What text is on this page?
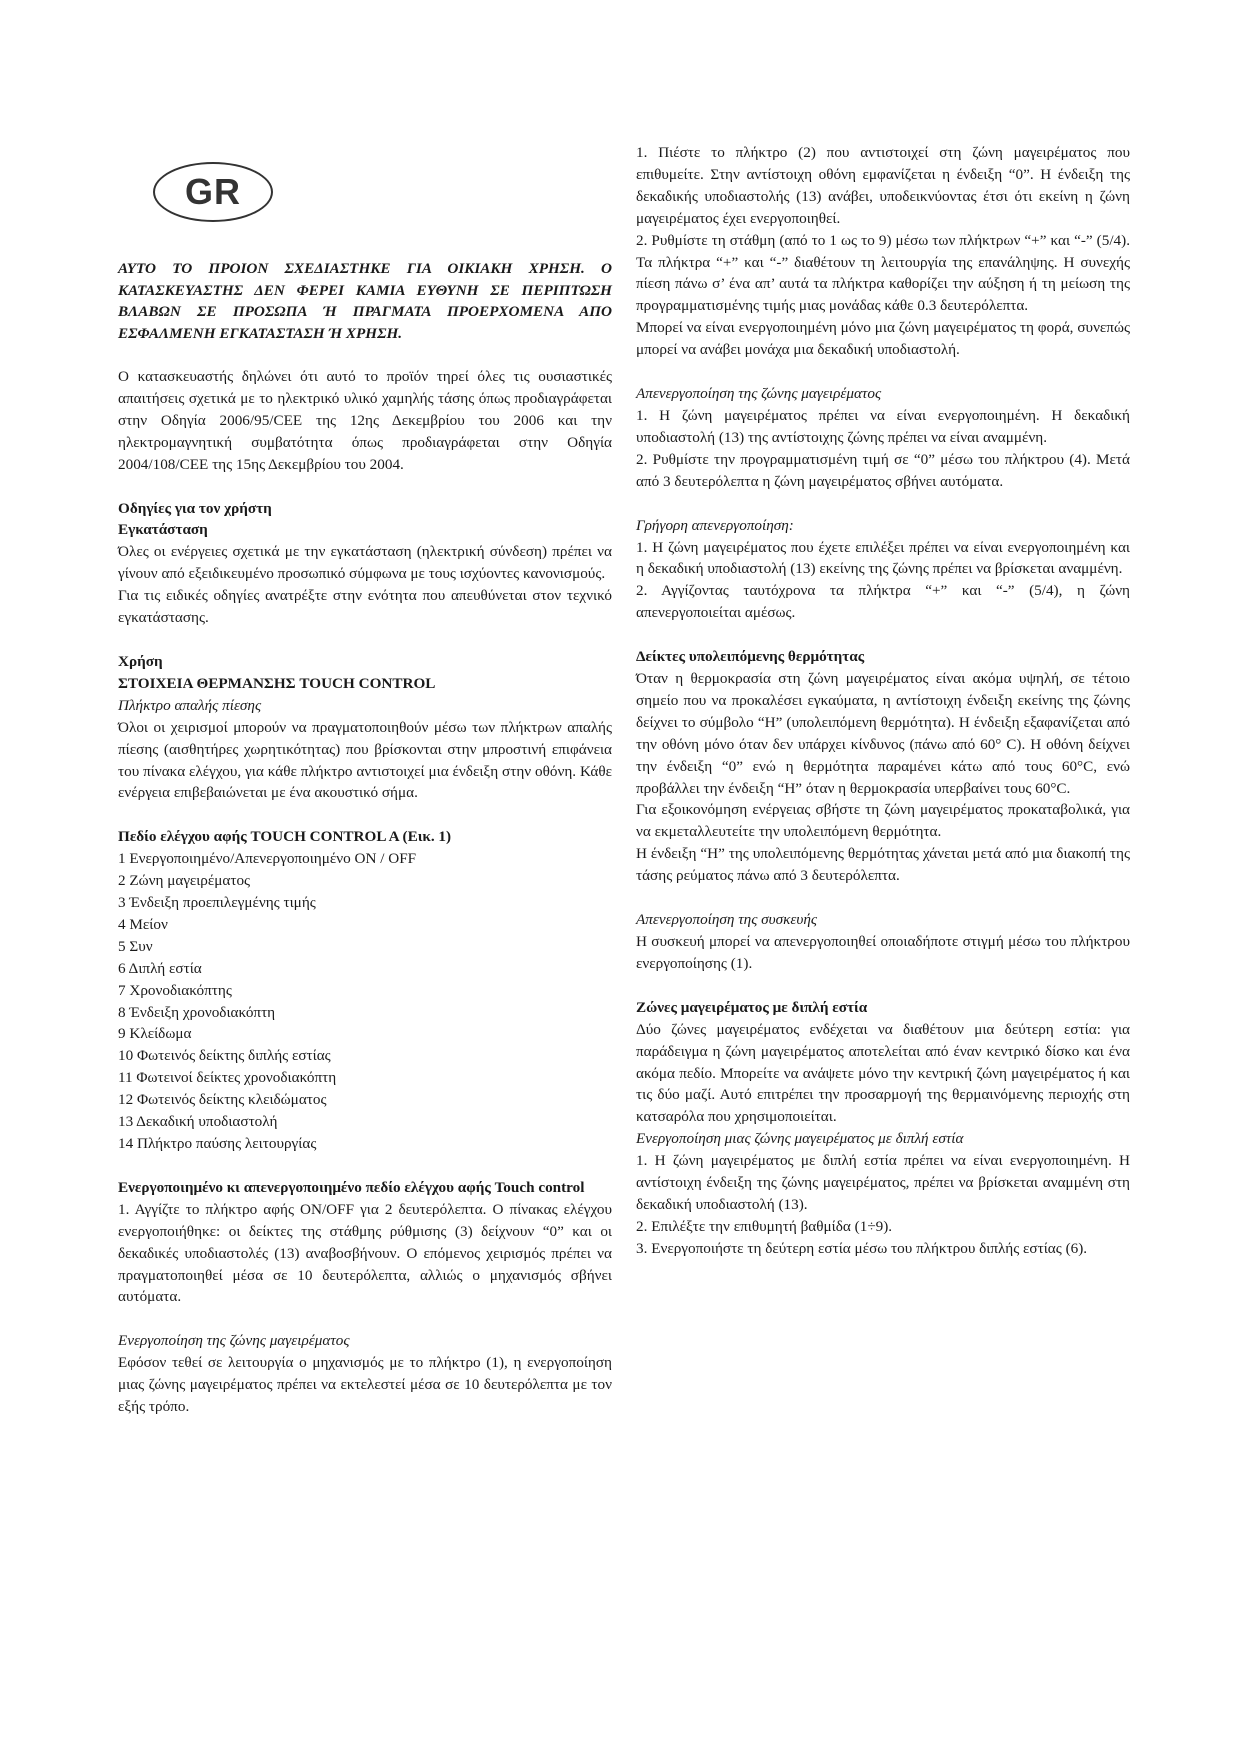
GR

ΑΥΤΟ ΤΟ ΠΡΟΙΟΝ ΣΧΕΔΙΑΣΤΗΚΕ ΓΙΑ ΟΙΚΙΑΚΗ ΧΡΗΣΗ. Ο ΚΑΤΑΣΚΕΥΑΣΤΗΣ ΔΕΝ ΦΕΡΕΙ ΚΑΜΙΑ ΕΥΘΥΝΗ ΣΕ ΠΕΡΙΠΤΩΣΗ ΒΛΑΒΩΝ ΣΕ ΠΡΟΣΩΠΑ Ή ΠΡΑΓΜΑΤΑ ΠΡΟΕΡΧΟΜΕΝΑ ΑΠΟ ΕΣΦΑΛΜΕΝΗ ΕΓΚΑΤΑΣΤΑΣΗ Ή ΧΡΗΣΗ.

Ο κατασκευαστής δηλώνει ότι αυτό το προϊόν τηρεί όλες τις ουσιαστικές απαιτήσεις σχετικά με το ηλεκτρικό υλικό χαμηλής τάσης όπως προδιαγράφεται στην Οδηγία 2006/95/CEE της 12ης Δεκεμβρίου του 2006 και την ηλεκτρομαγνητική συμβατότητα όπως προδιαγράφεται στην Οδηγία 2004/108/CEE της 15ης Δεκεμβρίου του 2004.

Οδηγίες για τον χρήστη

Εγκατάσταση

Όλες οι ενέργειες σχετικά με την εγκατάσταση (ηλεκτρική σύνδεση) πρέπει να γίνουν από εξειδικευμένο προσωπικό σύμφωνα με τους ισχύοντες κανονισμούς.

Για τις ειδικές οδηγίες ανατρέξτε στην ενότητα που απευθύνεται στον τεχνικό εγκατάστασης.

Χρήση

ΣΤΟΙΧΕΙΑ ΘΕΡΜΑΝΣΗΣ TOUCH CONTROL

Πλήκτρο απαλής πίεσης

Όλοι οι χειρισμοί μπορούν να πραγματοποιηθούν μέσω των πλήκτρων απαλής πίεσης (αισθητήρες χωρητικότητας) που βρίσκονται στην μπροστινή επιφάνεια του πίνακα ελέγχου, για κάθε πλήκτρο αντιστοιχεί μια ένδειξη στην οθόνη. Κάθε ενέργεια επιβεβαιώνεται με ένα ακουστικό σήμα.

Πεδίο ελέγχου αφής TOUCH CONTROL A (Εικ. 1)

1 Ενεργοποιημένο/Απενεργοποιημένο ON / OFF
2 Ζώνη μαγειρέματος
3 Ένδειξη προεπιλεγμένης τιμής
4 Μείον
5 Συν
6 Διπλή εστία
7 Χρονοδιακόπτης
8 Ένδειξη χρονοδιακόπτη
9 Κλείδωμα
10 Φωτεινός δείκτης διπλής εστίας
11 Φωτεινοί δείκτες χρονοδιακόπτη
12 Φωτεινός δείκτης κλειδώματος
13 Δεκαδική υποδιαστολή
14 Πλήκτρο παύσης λειτουργίας

Ενεργοποιημένο κι απενεργοποιημένο πεδίο ελέγχου αφής Touch control

1. Αγγίζτε το πλήκτρο αφής ON/OFF για 2 δευτερόλεπτα. Ο πίνακας ελέγχου ενεργοποιήθηκε: οι δείκτες της στάθμης ρύθμισης (3) δείχνουν “0” και οι δεκαδικές υποδιαστολές (13) αναβοσβήνουν. Ο επόμενος χειρισμός πρέπει να πραγματοποιηθεί μέσα σε 10 δευτερόλεπτα, αλλιώς ο μηχανισμός σβήνει αυτόματα.

Ενεργοποίηση της ζώνης μαγειρέματος

Εφόσον τεθεί σε λειτουργία ο μηχανισμός με το πλήκτρο (1), η ενεργοποίηση μιας ζώνης μαγειρέματος πρέπει να εκτελεστεί μέσα σε 10 δευτερόλεπτα με τον εξής τρόπο.

1. Πιέστε το πλήκτρο (2) που αντιστοιχεί στη ζώνη μαγειρέματος που επιθυμείτε. Στην αντίστοιχη οθόνη εμφανίζεται η ένδειξη “0”. Η ένδειξη της δεκαδικής υποδιαστολής (13) ανάβει, υποδεικνύοντας έτσι ότι εκείνη η ζώνη μαγειρέματος έχει ενεργοποιηθεί.

2. Ρυθμίστε τη στάθμη (από το 1 ως το 9) μέσω των πλήκτρων “+” και “-” (5/4). Τα πλήκτρα “+” και “-” διαθέτουν τη λειτουργία της επανάληψης. Η συνεχής πίεση πάνω σ’ ένα απ’ αυτά τα πλήκτρα καθορίζει την αύξηση ή τη μείωση της προγραμματισμένης τιμής μιας μονάδας κάθε 0.3 δευτερόλεπτα.

Μπορεί να είναι ενεργοποιημένη μόνο μια ζώνη μαγειρέματος τη φορά, συνεπώς μπορεί να ανάβει μονάχα μια δεκαδική υποδιαστολή.

Απενεργοποίηση της ζώνης μαγειρέματος

1. Η ζώνη μαγειρέματος πρέπει να είναι ενεργοποιημένη. Η δεκαδική υποδιαστολή (13) της αντίστοιχης ζώνης πρέπει να είναι αναμμένη.

2. Ρυθμίστε την προγραμματισμένη τιμή σε “0” μέσω του πλήκτρου (4). Μετά από 3 δευτερόλεπτα η ζώνη μαγειρέματος σβήνει αυτόματα.

Γρήγορη απενεργοποίηση:

1. Η ζώνη μαγειρέματος που έχετε επιλέξει πρέπει να είναι ενεργοποιημένη και η δεκαδική υποδιαστολή (13) εκείνης της ζώνης πρέπει να βρίσκεται αναμμένη.

2. Αγγίζοντας ταυτόχρονα τα πλήκτρα “+” και “-” (5/4), η ζώνη απενεργοποιείται αμέσως.

Δείκτες υπολειπόμενης θερμότητας

Όταν η θερμοκρασία στη ζώνη μαγειρέματος είναι ακόμα υψηλή, σε τέτοιο σημείο που να προκαλέσει εγκαύματα, η αντίστοιχη ένδειξη εκείνης της ζώνης δείχνει το σύμβολο “H” (υπολειπόμενη θερμότητα). Η ένδειξη εξαφανίζεται από την οθόνη μόνο όταν δεν υπάρχει κίνδυνος (πάνω από 60° C). Η οθόνη δείχνει την ένδειξη “0” ενώ η θερμότητα παραμένει κάτω από τους 60°C, ενώ προβάλλει την ένδειξη “H” όταν η θερμοκρασία υπερβαίνει τους 60°C.

Για εξοικονόμηση ενέργειας σβήστε τη ζώνη μαγειρέματος προκαταβολικά, για να εκμεταλλευτείτε την υπολειπόμενη θερμότητα.

Η ένδειξη “H” της υπολειπόμενης θερμότητας χάνεται μετά από μια διακοπή της τάσης ρεύματος πάνω από 3 δευτερόλεπτα.

Απενεργοποίηση της συσκευής

Η συσκευή μπορεί να απενεργοποιηθεί οποιαδήποτε στιγμή μέσω του πλήκτρου ενεργοποίησης (1).

Ζώνες μαγειρέματος με διπλή εστία

Δύο ζώνες μαγειρέματος ενδέχεται να διαθέτουν μια δεύτερη εστία: για παράδειγμα η ζώνη μαγειρέματος αποτελείται από έναν κεντρικό δίσκο και ένα ακόμα πεδίο. Μπορείτε να ανάψετε μόνο την κεντρική ζώνη μαγειρέματος ή και τις δύο μαζί. Αυτό επιτρέπει την προσαρμογή της θερμαινόμενης περιοχής στη κατσαρόλα που χρησιμοποιείται.

Ενεργοποίηση μιας ζώνης μαγειρέματος με διπλή εστία

1. Η ζώνη μαγειρέματος με διπλή εστία πρέπει να είναι ενεργοποιημένη. Η αντίστοιχη ένδειξη της ζώνης μαγειρέματος, πρέπει να βρίσκεται αναμμένη στη δεκαδική υποδιαστολή (13).

2. Επιλέξτε την επιθυμητή βαθμίδα (1÷9).

3. Ενεργοποιήστε τη δεύτερη εστία μέσω του πλήκτρου διπλής εστίας (6).
